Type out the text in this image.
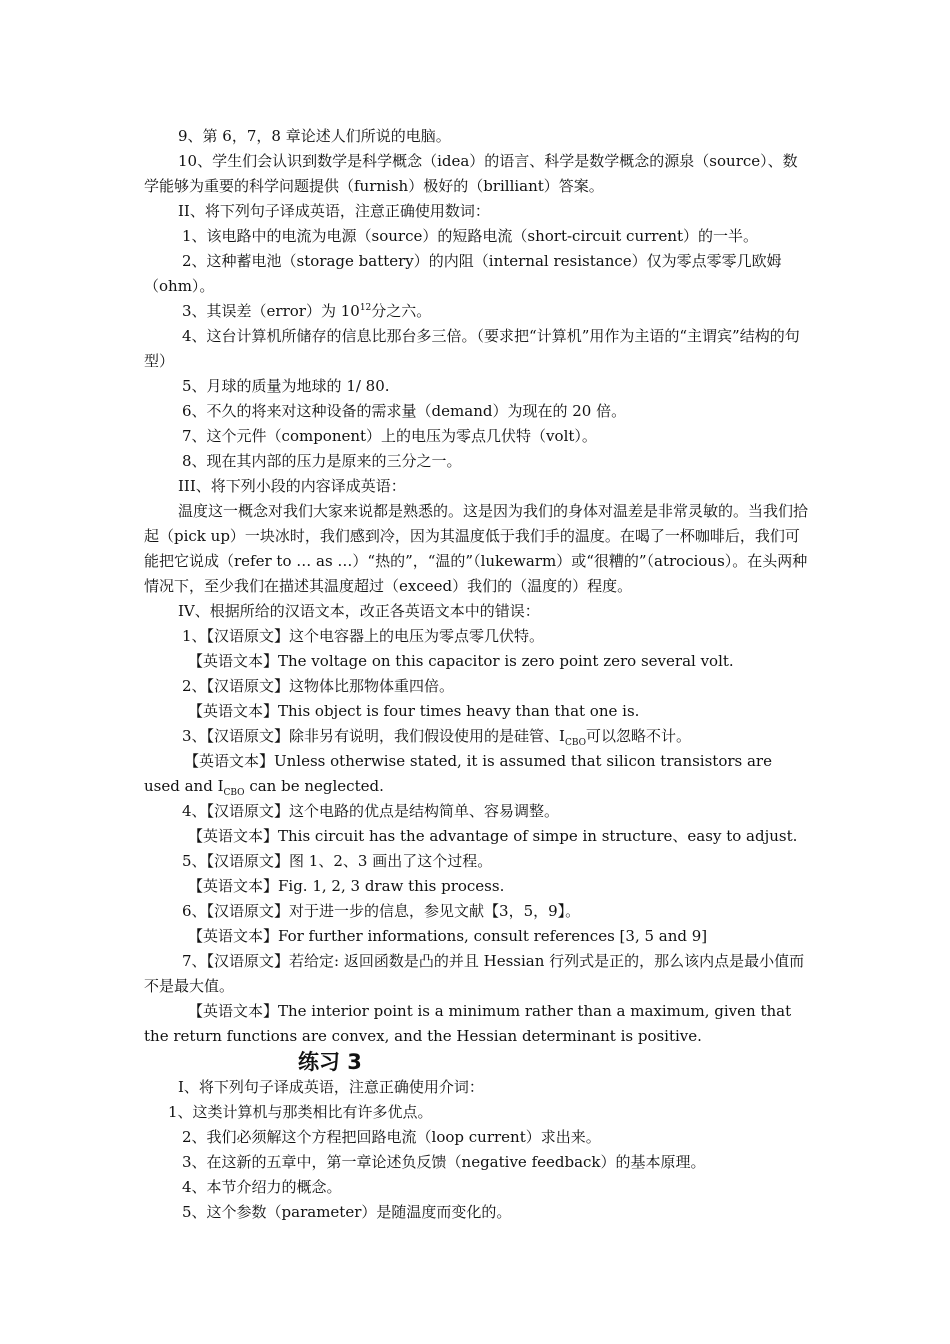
9、第 6，7，8 章论述人们所说的电脑。

10、学生们会认识到数学是科学概念（idea）的语言、科学是数学概念的源泉（source）、数学能够为重要的科学问题提供（furnish）极好的（brilliant）答案。

II、将下列句子译成英语，注意正确使用数词：

1、该电路中的电流为电源（source）的短路电流（short-circuit current）的一半。

2、这种蓄电池（storage battery）的内阻（internal resistance）仅为零点零零几欧姆（ohm）。

3、其误差（error）为 $10^{12}$分之六。

4、这台计算机所储存的信息比那台多三倍。（要求把“计算机”用作为主语的“主谓宾”结构的句型）

5、月球的质量为地球的 1/ 80.

6、不久的将来对这种设备的需求量（demand）为现在的 20 倍。

7、这个元件（component）上的电压为零点几伏特（volt）。

8、现在其内部的压力是原来的三分之一。

III、将下列小段的内容译成英语：

温度这一概念对我们大家来说都是熟悉的。这是因为我们的身体对温差是非常灵敏的。当我们拾起（pick up）一块冰时，我们感到冷，因为其温度低于我们手的温度。在喝了一杯咖啡后，我们可能把它说成（refer to … as …）“热的”，“温的”（lukewarm）或“很糟的”（atrocious）。在头两种情况下，至少我们在描述其温度超过（exceed）我们的（温度的）程度。

IV、根据所给的汉语文本，改正各英语文本中的错误：

1、【汉语原文】这个电容器上的电压为零点零几伏特。

【英语文本】The voltage on this capacitor is zero point zero several volt.

2、【汉语原文】这物体比那物体重四倍。

【英语文本】This object is four times heavy than that one is.

3、【汉语原文】除非另有说明，我们假设使用的是硅管、$I_{CBO}$可以忽略不计。

【英语文本】Unless otherwise stated, it is assumed that silicon transistors are used and $I_{CBO}$ can be neglected.

4、【汉语原文】这个电路的优点是结构简单、容易调整。

【英语文本】This circuit has the advantage of simpe in structure、easy to adjust.

5、【汉语原文】图 1、2、3 画出了这个过程。

【英语文本】Fig. 1, 2, 3 draw this process.

6、【汉语原文】对于进一步的信息，参见文献【3，5，9】。

【英语文本】For further informations, consult references [3, 5 and 9]

7、【汉语原文】若给定: 返回函数是凸的并且 Hessian 行列式是正的，那么该内点是最小值而不是最大值。

【英语文本】The interior point is a minimum rather than a maximum, given that the return functions are convex, and the Hessian determinant is positive.

练习 3

I、将下列句子译成英语，注意正确使用介词：

1、这类计算机与那类相比有许多优点。

2、我们必须解这个方程把回路电流（loop current）求出来。

3、在这新的五章中，第一章论述负反馈（negative feedback）的基本原理。

4、本节介绍力的概念。

5、这个参数（parameter）是随温度而变化的。
